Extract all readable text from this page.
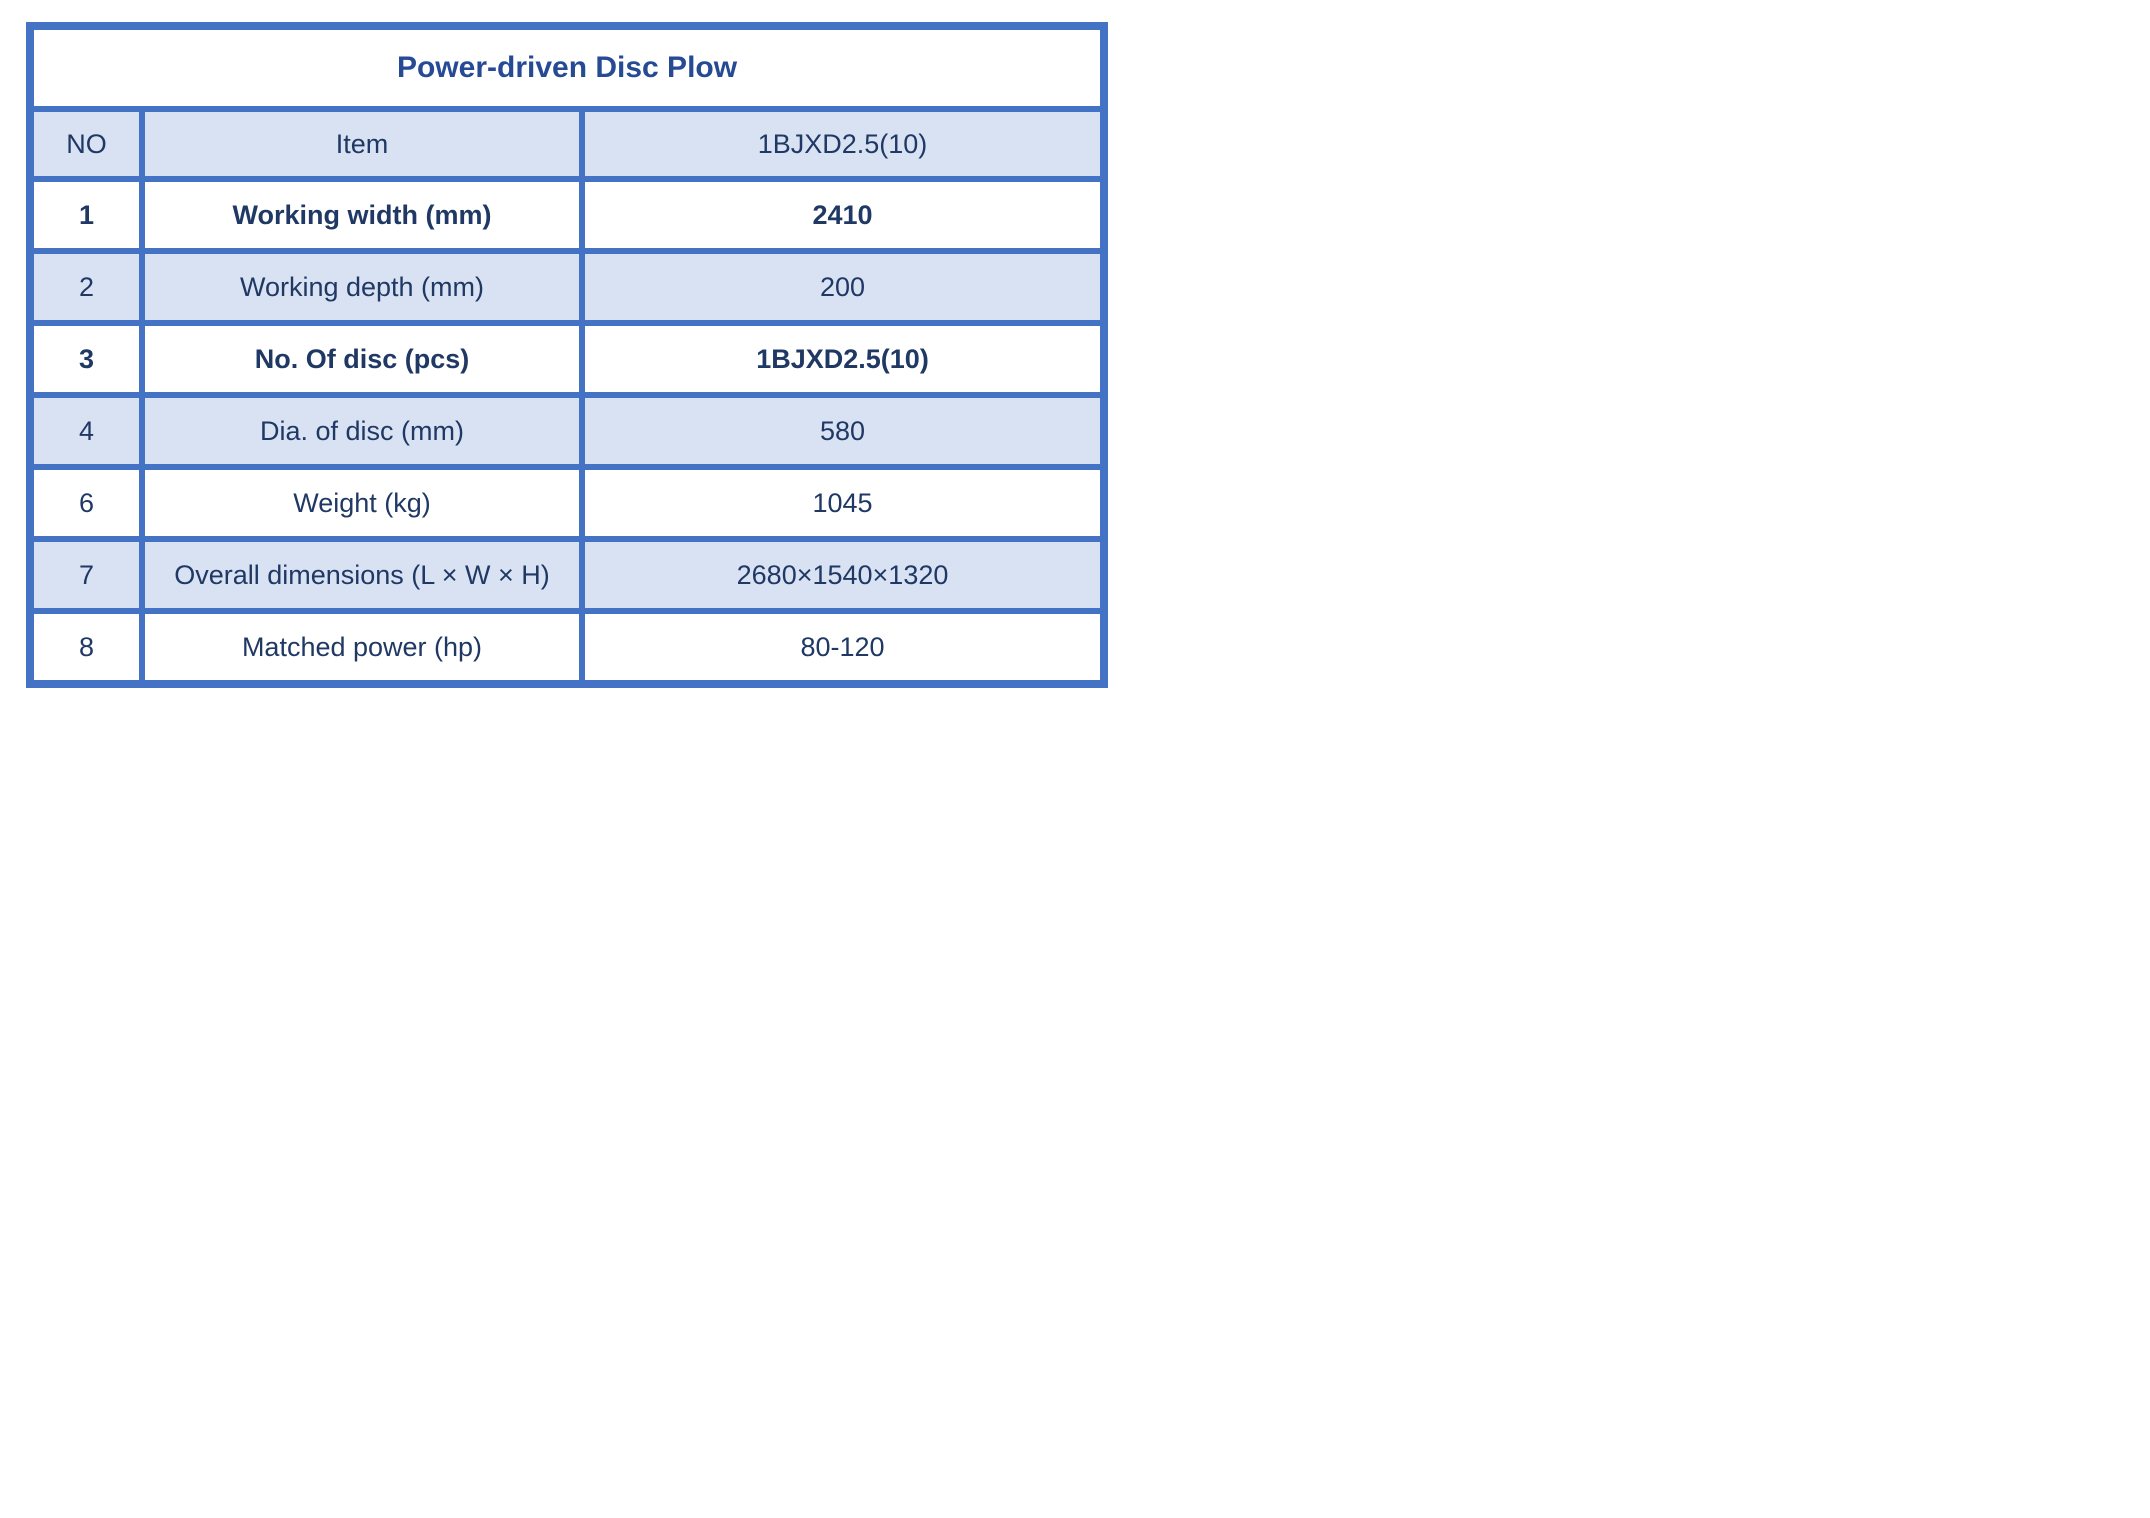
Power-driven Disc Plow		
NO	Item	1BJXD2.5(10)
1	Working width (mm)	2410
2	Working depth (mm)	200
3	No. Of disc (pcs)	1BJXD2.5(10)
4	Dia. of disc (mm)	580
6	Weight (kg)	1045
7	Overall dimensions (L × W × H)	2680×1540×1320
8	Matched power (hp)	80-120
